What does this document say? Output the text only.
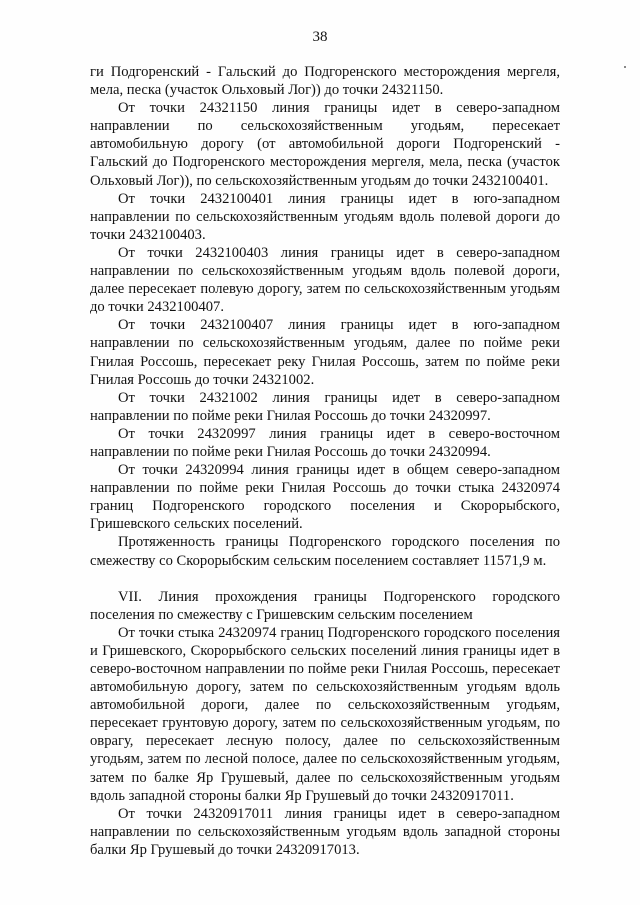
38

ги Подгоренский - Гальский до Подгоренского месторождения мергеля, мела, песка (участок Ольховый Лог)) до точки 24321150.

От точки 24321150 линия границы идет в северо-западном направлении по сельскохозяйственным угодьям, пересекает автомобильную дорогу (от автомобильной дороги Подгоренский - Гальский до Подгоренского месторождения мергеля, мела, песка (участок Ольховый Лог)), по сельскохозяйственным угодьям до точки 2432100401.

От точки 2432100401 линия границы идет в юго-западном направлении по сельскохозяйственным угодьям вдоль полевой дороги до точки 2432100403.

От точки 2432100403 линия границы идет в северо-западном направлении по сельскохозяйственным угодьям вдоль полевой дороги, далее пересекает полевую дорогу, затем по сельскохозяйственным угодьям до точки 2432100407.

От точки 2432100407 линия границы идет в юго-западном направлении по сельскохозяйственным угодьям, далее по пойме реки Гнилая Россошь, пересекает реку Гнилая Россошь, затем по пойме реки Гнилая Россошь до точки 24321002.

От точки 24321002 линия границы идет в северо-западном направлении по пойме реки Гнилая Россошь до точки 24320997.

От точки 24320997 линия границы идет в северо-восточном направлении по пойме реки Гнилая Россошь до точки 24320994.

От точки 24320994 линия границы идет в общем северо-западном направлении по пойме реки Гнилая Россошь до точки стыка 24320974 границ Подгоренского городского поселения и Скорорыбского, Гришевского сельских поселений.

Протяженность границы Подгоренского городского поселения по смежеству со Скорорыбским сельским поселением составляет 11571,9 м.

VII. Линия прохождения границы Подгоренского городского поселения по смежеству с Гришевским сельским поселением

От точки стыка 24320974 границ Подгоренского городского поселения и Гришевского, Скорорыбского сельских поселений линия границы идет в северо-восточном направлении по пойме реки Гнилая Россошь, пересекает автомобильную дорогу, затем по сельскохозяйственным угодьям вдоль автомобильной дороги, далее по сельскохозяйственным угодьям, пересекает грунтовую дорогу, затем по сельскохозяйственным угодьям, по оврагу, пересекает лесную полосу, далее по сельскохозяйственным угодьям, затем по лесной полосе, далее по сельскохозяйственным угодьям, затем по балке Яр Грушевый, далее по сельскохозяйственным угодьям вдоль западной стороны балки Яр Грушевый до точки 24320917011.

От точки 24320917011 линия границы идет в северо-западном направлении по сельскохозяйственным угодьям вдоль западной стороны балки Яр Грушевый до точки 24320917013.
